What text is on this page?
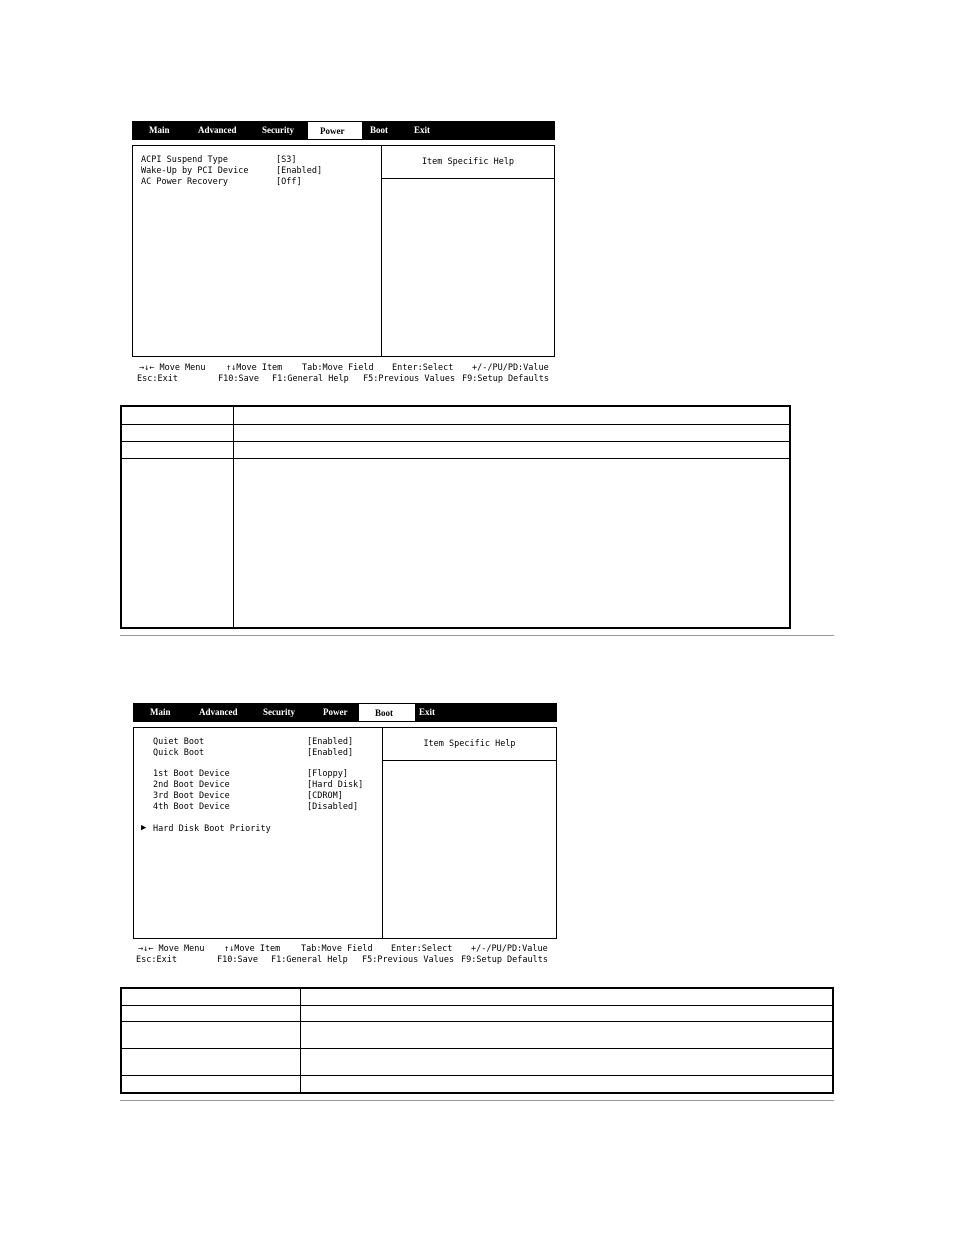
Main	Advanced	Security	Power	Boot	Exit
ACPI Suspend Type	[S3]
Wake-Up by PCI Device	[Enabled]
AC Power Recovery	[Off]
Item Specific Help
→↓← Move Menu ↑↓Move Item Tab:Move Field Enter:Select +/-/PU/PD:Value
Esc:Exit	F10:Save F1:General Help F5:Previous Values F9:Setup Defaults

Main	Advanced	Security	Power	Boot	Exit
Quiet Boot	[Enabled]
Quick Boot	[Enabled]
1st Boot Device	[Floppy]
2nd Boot Device	[Hard Disk]
3rd Boot Device	[CDROM]
4th Boot Device	[Disabled]
▶ Hard Disk Boot Priority
Item Specific Help
→↓← Move Menu ↑↓Move Item Tab:Move Field Enter:Select +/-/PU/PD:Value
Esc:Exit	F10:Save F1:General Help F5:Previous Values F9:Setup Defaults
